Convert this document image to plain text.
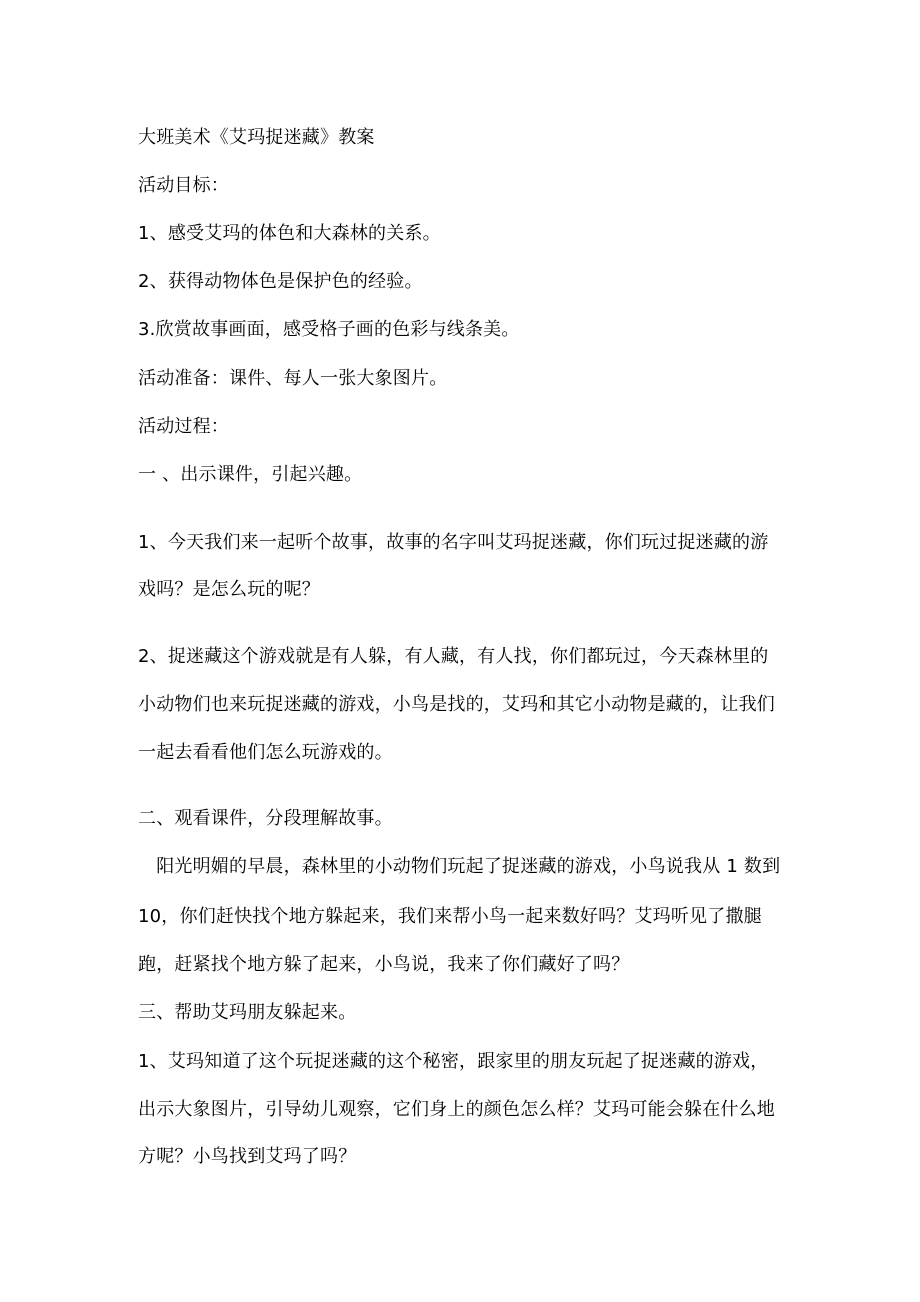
大班美术《艾玛捉迷藏》教案
活动目标：
1、感受艾玛的体色和大森林的关系。
2、获得动物体色是保护色的经验。
3.欣赏故事画面，感受格子画的色彩与线条美。
活动准备：课件、每人一张大象图片。
活动过程：
一 、出示课件，引起兴趣。
1、今天我们来一起听个故事，故事的名字叫艾玛捉迷藏，你们玩过捉迷藏的游
戏吗？是怎么玩的呢？
2、捉迷藏这个游戏就是有人躲，有人藏，有人找，你们都玩过，今天森林里的
小动物们也来玩捉迷藏的游戏，小鸟是找的，艾玛和其它小动物是藏的，让我们
一起去看看他们怎么玩游戏的。
二、观看课件，分段理解故事。
　阳光明媚的早晨，森林里的小动物们玩起了捉迷藏的游戏，小鸟说我从 1 数到
10，你们赶快找个地方躲起来，我们来帮小鸟一起来数好吗？艾玛听见了撒腿
跑，赶紧找个地方躲了起来，小鸟说，我来了你们藏好了吗？
三、帮助艾玛朋友躲起来。
1、艾玛知道了这个玩捉迷藏的这个秘密，跟家里的朋友玩起了捉迷藏的游戏，
出示大象图片，引导幼儿观察，它们身上的颜色怎么样？艾玛可能会躲在什么地
方呢？小鸟找到艾玛了吗？
